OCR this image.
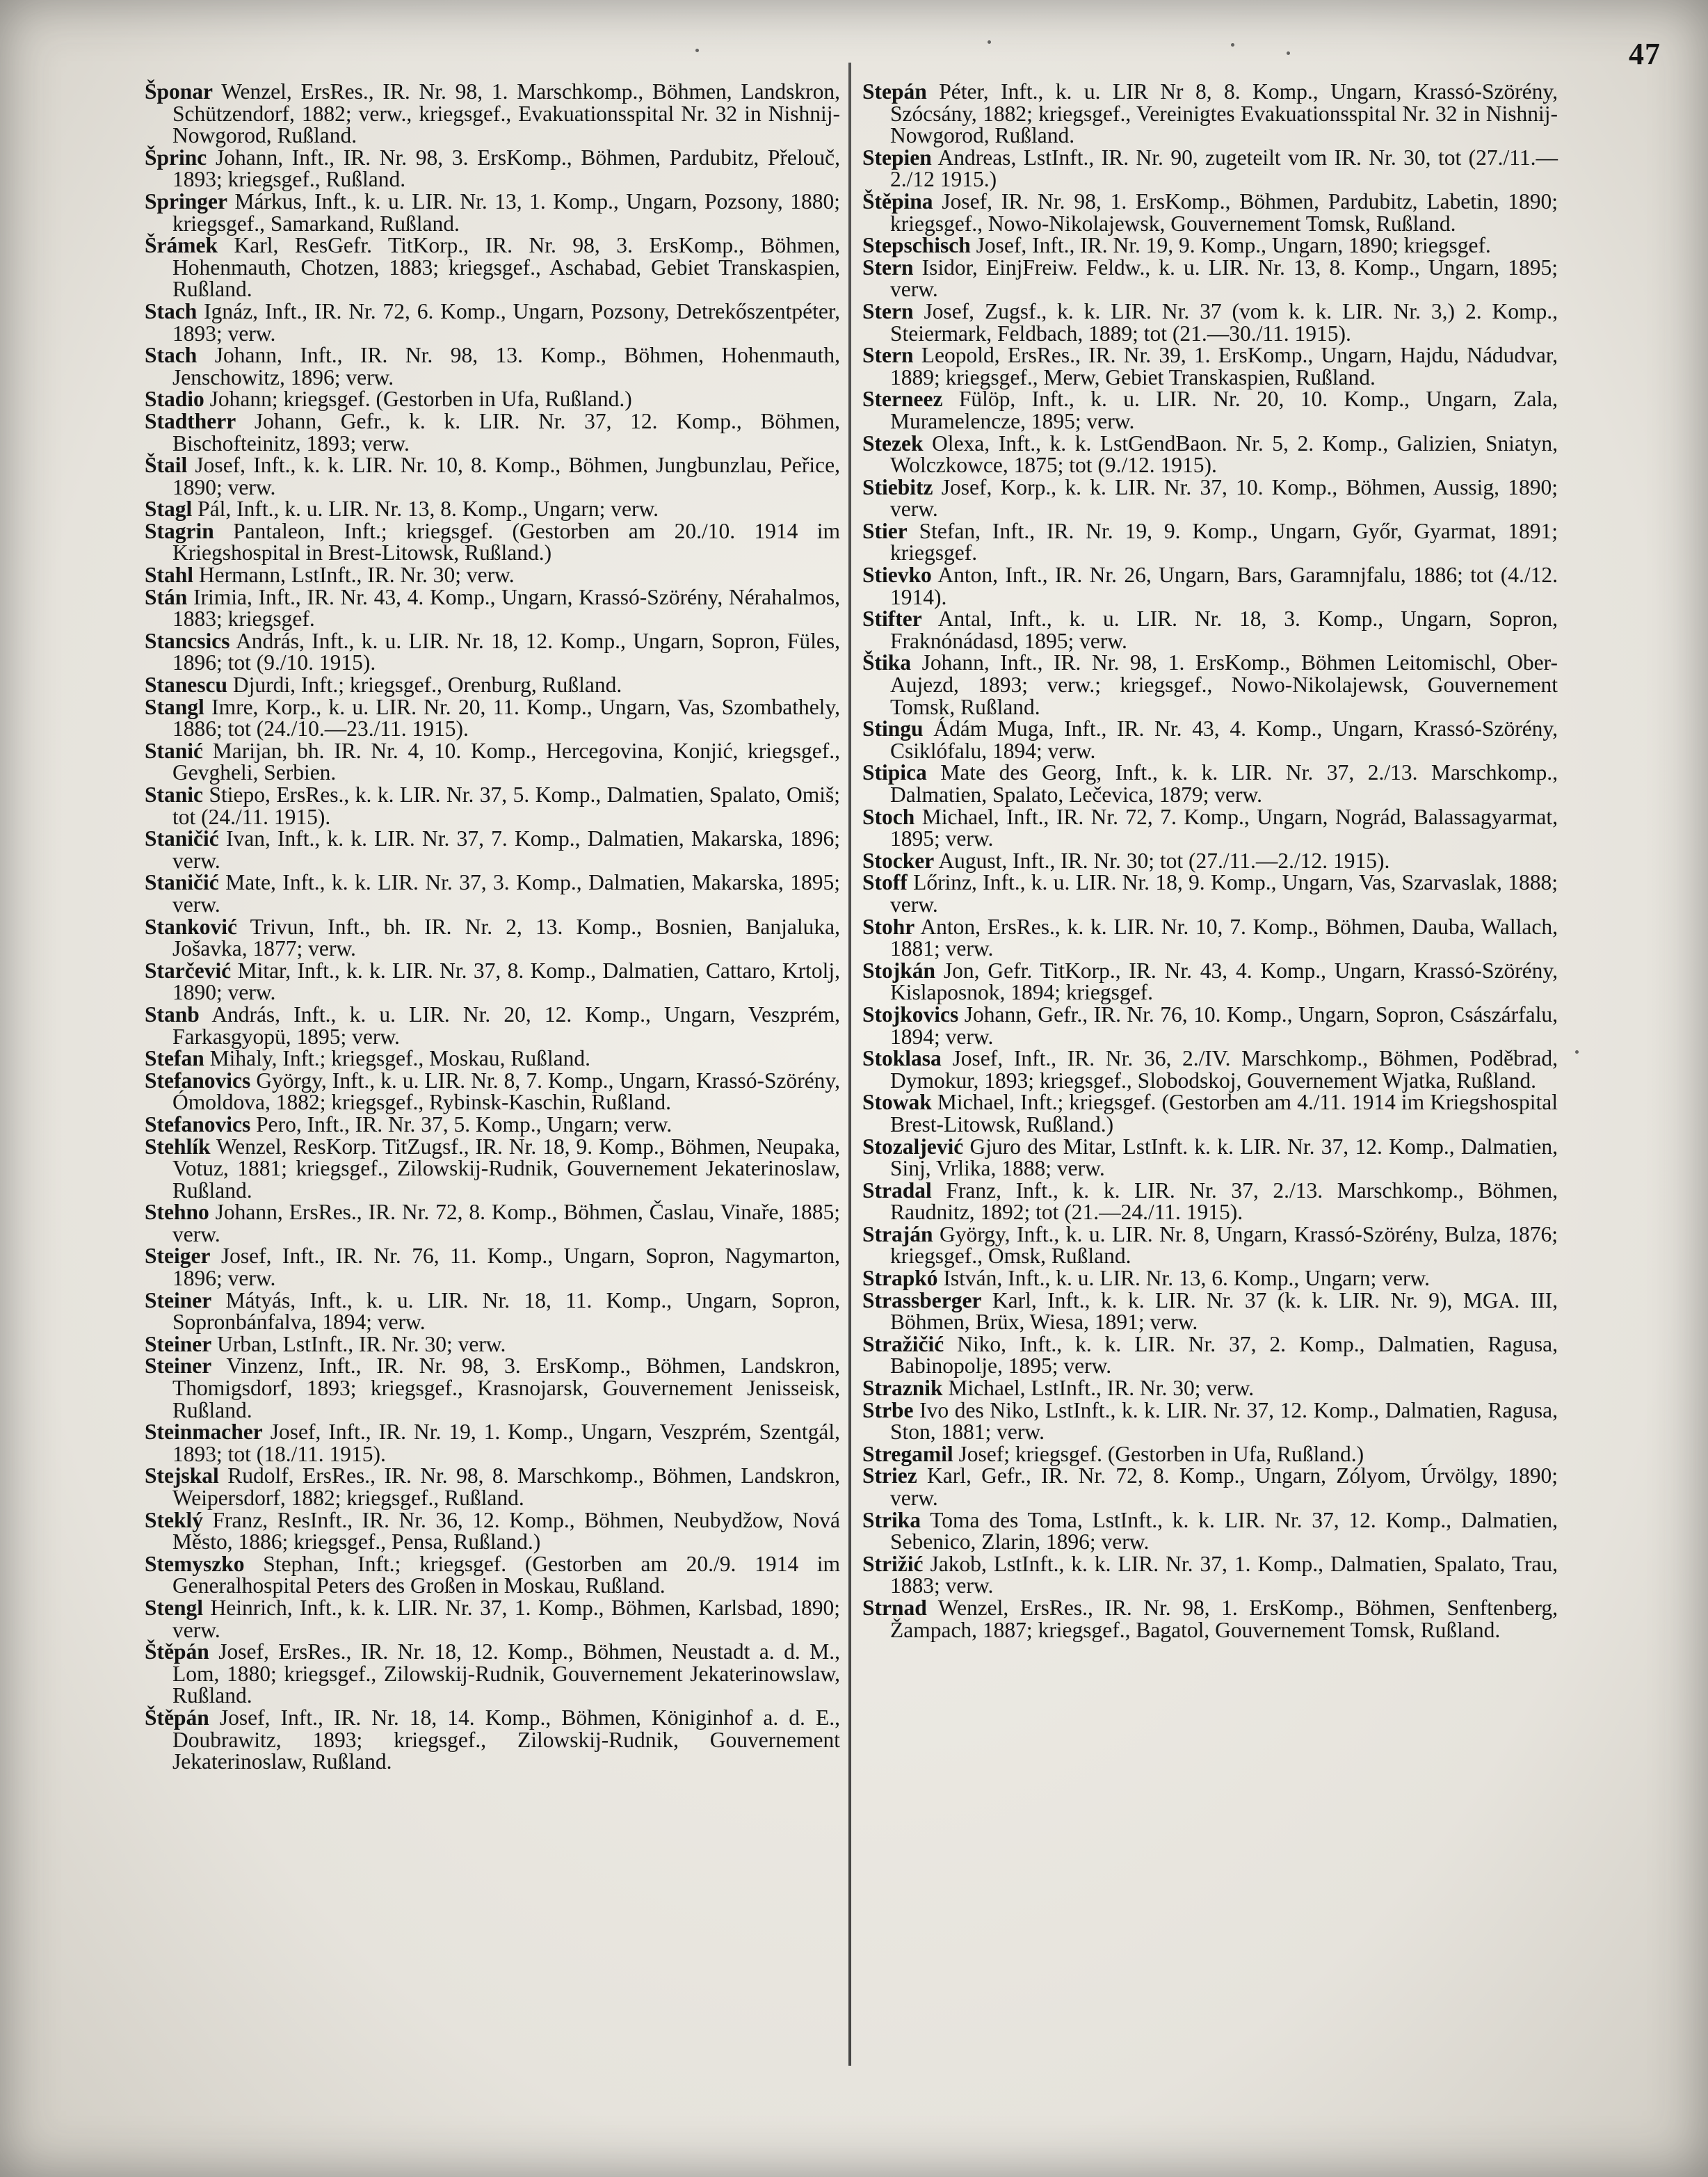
47

Šponar Wenzel, ErsRes., IR. Nr. 98, 1. Marschkomp., Böhmen, Landskron, Schützendorf, 1882; verw., kriegsgef., Evakuationsspital Nr. 32 in Nishnij-Nowgorod, Rußland.

Šprinc Johann, Inft., IR. Nr. 98, 3. ErsKomp., Böhmen, Pardubitz, Přelouč, 1893; kriegsgef., Rußland.

Springer Márkus, Inft., k. u. LIR. Nr. 13, 1. Komp., Ungarn, Pozsony, 1880; kriegsgef., Samarkand, Rußland.

Šrámek Karl, ResGefr. TitKorp., IR. Nr. 98, 3. ErsKomp., Böhmen, Hohenmauth, Chotzen, 1883; kriegsgef., Aschabad, Gebiet Transkaspien, Rußland.

Stach Ignáz, Inft., IR. Nr. 72, 6. Komp., Ungarn, Pozsony, Detrekőszentpéter, 1893; verw.

Stach Johann, Inft., IR. Nr. 98, 13. Komp., Böhmen, Hohenmauth, Jenschowitz, 1896; verw.

Stadio Johann; kriegsgef. (Gestorben in Ufa, Rußland.)

Stadtherr Johann, Gefr., k. k. LIR. Nr. 37, 12. Komp., Böhmen, Bischofteinitz, 1893; verw.

Štail Josef, Inft., k. k. LIR. Nr. 10, 8. Komp., Böhmen, Jungbunzlau, Peřice, 1890; verw.

Stagl Pál, Inft., k. u. LIR. Nr. 13, 8. Komp., Ungarn; verw.

Stagrin Pantaleon, Inft.; kriegsgef. (Gestorben am 20./10. 1914 im Kriegshospital in Brest-Litowsk, Rußland.)

Stahl Hermann, LstInft., IR. Nr. 30; verw.

Stán Irimia, Inft., IR. Nr. 43, 4. Komp., Ungarn, Krassó-Szörény, Nérahalmos, 1883; kriegsgef.

Stancsics András, Inft., k. u. LIR. Nr. 18, 12. Komp., Ungarn, Sopron, Füles, 1896; tot (9./10. 1915).

Stanescu Djurdi, Inft.; kriegsgef., Orenburg, Rußland.

Stangl Imre, Korp., k. u. LIR. Nr. 20, 11. Komp., Ungarn, Vas, Szombathely, 1886; tot (24./10.—23./11. 1915).

Stanić Marijan, bh. IR. Nr. 4, 10. Komp., Hercegovina, Konjić, kriegsgef., Gevgheli, Serbien.

Stanic Stiepo, ErsRes., k. k. LIR. Nr. 37, 5. Komp., Dalmatien, Spalato, Omiš; tot (24./11. 1915).

Staničić Ivan, Inft., k. k. LIR. Nr. 37, 7. Komp., Dalmatien, Makarska, 1896; verw.

Staničić Mate, Inft., k. k. LIR. Nr. 37, 3. Komp., Dalmatien, Makarska, 1895; verw.

Stanković Trivun, Inft., bh. IR. Nr. 2, 13. Komp., Bosnien, Banjaluka, Jošavka, 1877; verw.

Starčević Mitar, Inft., k. k. LIR. Nr. 37, 8. Komp., Dalmatien, Cattaro, Krtolj, 1890; verw.

Stanb András, Inft., k. u. LIR. Nr. 20, 12. Komp., Ungarn, Veszprém, Farkasgyopü, 1895; verw.

Stefan Mihaly, Inft.; kriegsgef., Moskau, Rußland.

Stefanovics György, Inft., k. u. LIR. Nr. 8, 7. Komp., Ungarn, Krassó-Szörény, Ómoldova, 1882; kriegsgef., Rybinsk-Kaschin, Rußland.

Stefanovics Pero, Inft., IR. Nr. 37, 5. Komp., Ungarn; verw.

Stehlík Wenzel, ResKorp. TitZugsf., IR. Nr. 18, 9. Komp., Böhmen, Neupaka, Votuz, 1881; kriegsgef., Zilowskij-Rudnik, Gouvernement Jekaterinoslaw, Rußland.

Stehno Johann, ErsRes., IR. Nr. 72, 8. Komp., Böhmen, Časlau, Vinaře, 1885; verw.

Steiger Josef, Inft., IR. Nr. 76, 11. Komp., Ungarn, Sopron, Nagymarton, 1896; verw.

Steiner Mátyás, Inft., k. u. LIR. Nr. 18, 11. Komp., Ungarn, Sopron, Sopronbánfalva, 1894; verw.

Steiner Urban, LstInft., IR. Nr. 30; verw.

Steiner Vinzenz, Inft., IR. Nr. 98, 3. ErsKomp., Böhmen, Landskron, Thomigsdorf, 1893; kriegsgef., Krasnojarsk, Gouvernement Jenisseisk, Rußland.

Steinmacher Josef, Inft., IR. Nr. 19, 1. Komp., Ungarn, Veszprém, Szentgál, 1893; tot (18./11. 1915).

Stejskal Rudolf, ErsRes., IR. Nr. 98, 8. Marschkomp., Böhmen, Landskron, Weipersdorf, 1882; kriegsgef., Rußland.

Steklý Franz, ResInft., IR. Nr. 36, 12. Komp., Böhmen, Neubydžow, Nová Město, 1886; kriegsgef., Pensa, Rußland.)

Stemyszko Stephan, Inft.; kriegsgef. (Gestorben am 20./9. 1914 im Generalhospital Peters des Großen in Moskau, Rußland.

Stengl Heinrich, Inft., k. k. LIR. Nr. 37, 1. Komp., Böhmen, Karlsbad, 1890; verw.

Štěpán Josef, ErsRes., IR. Nr. 18, 12. Komp., Böhmen, Neustadt a. d. M., Lom, 1880; kriegsgef., Zilowskij-Rudnik, Gouvernement Jekaterinowslaw, Rußland.

Štěpán Josef, Inft., IR. Nr. 18, 14. Komp., Böhmen, Königinhof a. d. E., Doubrawitz, 1893; kriegsgef., Zilowskij-Rudnik, Gouvernement Jekaterinoslaw, Rußland.

Stepán Péter, Inft., k. u. LIR Nr 8, 8. Komp., Ungarn, Krassó-Szörény, Szócsány, 1882; kriegsgef., Vereinigtes Evakuationsspital Nr. 32 in Nishnij-Nowgorod, Rußland.

Stepien Andreas, LstInft., IR. Nr. 90, zugeteilt vom IR. Nr. 30, tot (27./11.—2./12 1915.)

Štěpina Josef, IR. Nr. 98, 1. ErsKomp., Böhmen, Pardubitz, Labetin, 1890; kriegsgef., Nowo-Nikolajewsk, Gouvernement Tomsk, Rußland.

Stepschisch Josef, Inft., IR. Nr. 19, 9. Komp., Ungarn, 1890; kriegsgef.

Stern Isidor, EinjFreiw. Feldw., k. u. LIR. Nr. 13, 8. Komp., Ungarn, 1895; verw.

Stern Josef, Zugsf., k. k. LIR. Nr. 37 (vom k. k. LIR. Nr. 3,) 2. Komp., Steiermark, Feldbach, 1889; tot (21.—30./11. 1915).

Stern Leopold, ErsRes., IR. Nr. 39, 1. ErsKomp., Ungarn, Hajdu, Nádudvar, 1889; kriegsgef., Merw, Gebiet Transkaspien, Rußland.

Sterneez Fülöp, Inft., k. u. LIR. Nr. 20, 10. Komp., Ungarn, Zala, Muramelencze, 1895; verw.

Stezek Olexa, Inft., k. k. LstGendBaon. Nr. 5, 2. Komp., Galizien, Sniatyn, Wolczkowce, 1875; tot (9./12. 1915).

Stiebitz Josef, Korp., k. k. LIR. Nr. 37, 10. Komp., Böhmen, Aussig, 1890; verw.

Stier Stefan, Inft., IR. Nr. 19, 9. Komp., Ungarn, Győr, Gyarmat, 1891; kriegsgef.

Stievko Anton, Inft., IR. Nr. 26, Ungarn, Bars, Garamnjfalu, 1886; tot (4./12. 1914).

Stifter Antal, Inft., k. u. LIR. Nr. 18, 3. Komp., Ungarn, Sopron, Fraknónádasd, 1895; verw.

Štika Johann, Inft., IR. Nr. 98, 1. ErsKomp., Böhmen Leitomischl, Ober-Aujezd, 1893; verw.; kriegsgef., Nowo-Nikolajewsk, Gouvernement Tomsk, Rußland.

Stingu Ádám Muga, Inft., IR. Nr. 43, 4. Komp., Ungarn, Krassó-Szörény, Csiklófalu, 1894; verw.

Stipica Mate des Georg, Inft., k. k. LIR. Nr. 37, 2./13. Marschkomp., Dalmatien, Spalato, Lečevica, 1879; verw.

Stoch Michael, Inft., IR. Nr. 72, 7. Komp., Ungarn, Nográd, Balassagyarmat, 1895; verw.

Stocker August, Inft., IR. Nr. 30; tot (27./11.—2./12. 1915).

Stoff Lőrinz, Inft., k. u. LIR. Nr. 18, 9. Komp., Ungarn, Vas, Szarvaslak, 1888; verw.

Stohr Anton, ErsRes., k. k. LIR. Nr. 10, 7. Komp., Böhmen, Dauba, Wallach, 1881; verw.

Stojkán Jon, Gefr. TitKorp., IR. Nr. 43, 4. Komp., Ungarn, Krassó-Szörény, Kislaposnok, 1894; kriegsgef.

Stojkovics Johann, Gefr., IR. Nr. 76, 10. Komp., Ungarn, Sopron, Császárfalu, 1894; verw.

Stoklasa Josef, Inft., IR. Nr. 36, 2./IV. Marschkomp., Böhmen, Poděbrad, Dymokur, 1893; kriegsgef., Slobodskoj, Gouvernement Wjatka, Rußland.

Stowak Michael, Inft.; kriegsgef. (Gestorben am 4./11. 1914 im Kriegshospital Brest-Litowsk, Rußland.)

Stozaljević Gjuro des Mitar, LstInft. k. k. LIR. Nr. 37, 12. Komp., Dalmatien, Sinj, Vrlika, 1888; verw.

Stradal Franz, Inft., k. k. LIR. Nr. 37, 2./13. Marschkomp., Böhmen, Raudnitz, 1892; tot (21.—24./11. 1915).

Straján György, Inft., k. u. LIR. Nr. 8, Ungarn, Krassó-Szörény, Bulza, 1876; kriegsgef., Omsk, Rußland.

Strapkó István, Inft., k. u. LIR. Nr. 13, 6. Komp., Ungarn; verw.

Strassberger Karl, Inft., k. k. LIR. Nr. 37 (k. k. LIR. Nr. 9), MGA. III, Böhmen, Brüx, Wiesa, 1891; verw.

Stražičić Niko, Inft., k. k. LIR. Nr. 37, 2. Komp., Dalmatien, Ragusa, Babinopolje, 1895; verw.

Straznik Michael, LstInft., IR. Nr. 30; verw.

Strbe Ivo des Niko, LstInft., k. k. LIR. Nr. 37, 12. Komp., Dalmatien, Ragusa, Ston, 1881; verw.

Stregamil Josef; kriegsgef. (Gestorben in Ufa, Rußland.)

Striez Karl, Gefr., IR. Nr. 72, 8. Komp., Ungarn, Zólyom, Úrvölgy, 1890; verw.

Strika Toma des Toma, LstInft., k. k. LIR. Nr. 37, 12. Komp., Dalmatien, Sebenico, Zlarin, 1896; verw.

Strižić Jakob, LstInft., k. k. LIR. Nr. 37, 1. Komp., Dalmatien, Spalato, Trau, 1883; verw.

Strnad Wenzel, ErsRes., IR. Nr. 98, 1. ErsKomp., Böhmen, Senftenberg, Žampach, 1887; kriegsgef., Bagatol, Gouvernement Tomsk, Rußland.
